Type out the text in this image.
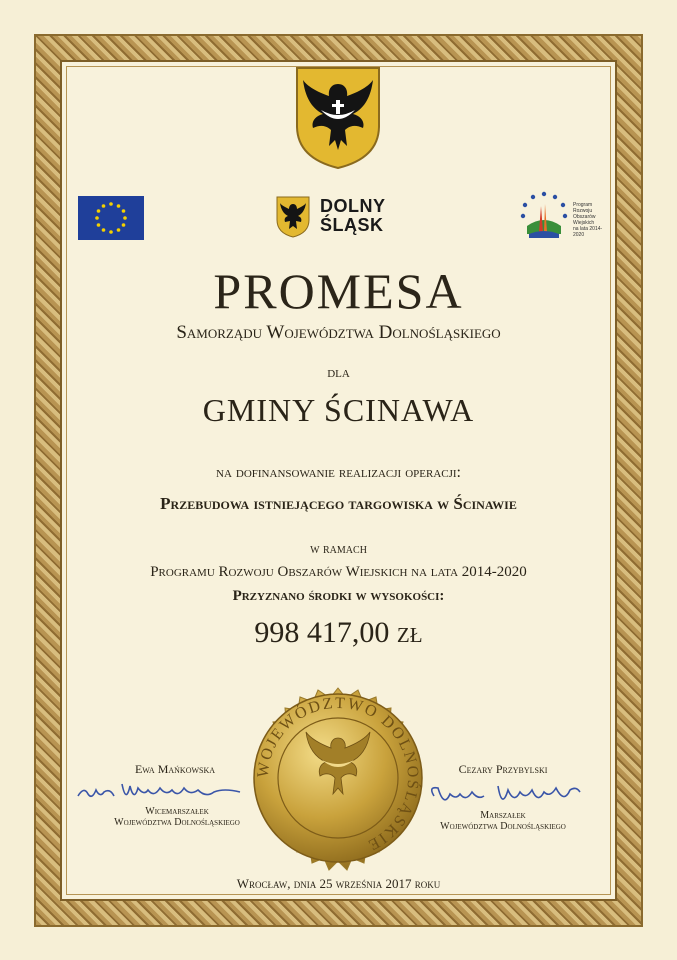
DOLNY
ŚLĄSK
Program
Rozwoju
Obszarów
Wiejskich
na lata 2014-2020
PROMESA
Samorządu Województwa Dolnośląskiego
dla
GMINY ŚCINAWA
na dofinansowanie realizacji operacji:
Przebudowa istniejącego targowiska w Ścinawie
w ramach
Programu Rozwoju Obszarów Wiejskich na lata 2014-2020
Przyznano środki w wysokości:
998 417,00 zł
WOJEWÓDZTWO DOLNOŚLĄSKIE
Ewa Mańkowska
Wicemarszałek
Województwa Dolnośląskiego
Cezary Przybylski
Marszałek
Województwa Dolnośląskiego
Wrocław, dnia 25 września 2017 roku
